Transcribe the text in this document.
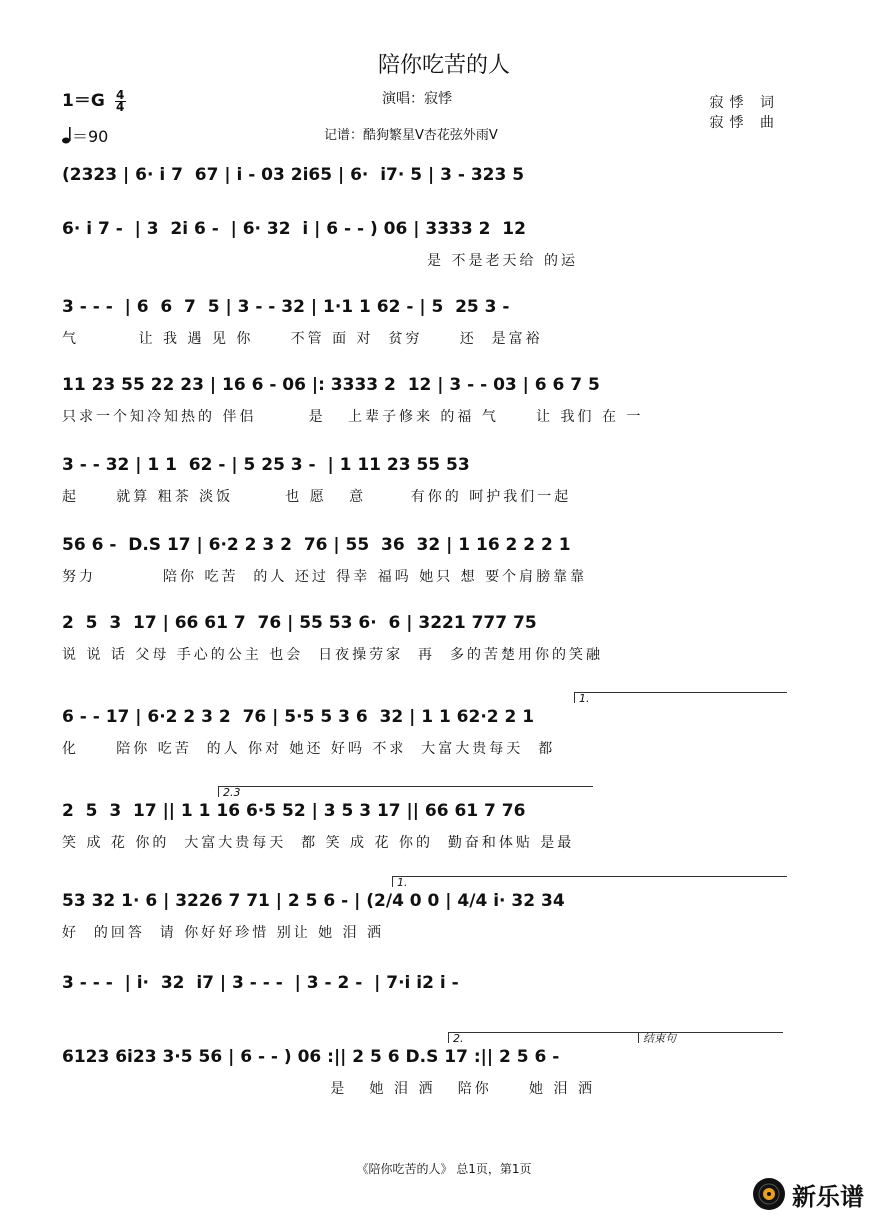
陪你吃苦的人
$1=G \frac{4}{4}$	演唱：寂悸	寂悸 词
寂悸 曲
＝90	记谱：酷狗繁星V杏花弦外雨V
(2323 | 6· i 7  67 | i - 03 2i65 | 6·  i7· 5 | 3 - 323 5
6· i 7 -  | 3  2i 6 -  | 6· 32  i | 6 - - ) 06 | 3333 2  12
是 不是老天给 的运
3 - - -  | 6  6  7  5 | 3 - - 32 | 1·1 1 62 - | 5  25 3 -
气        让 我 遇 见 你     不管 面 对  贫穷     还  是富裕
11 23 55 22 23 | 16 6 - 06 |: 3333 2  12 | 3 - - 03 | 6 6 7 5
只求一个知冷知热的 伴侣       是   上辈子修来 的福 气     让 我们 在 一
3 - - 32 | 1 1  62 - | 5 25 3 -  | 1 11 23 55 53
起     就算 粗茶 淡饭       也 愿   意      有你的 呵护我们一起
56 6 -  D.S 17 | 6·2 2 3 2  76 | 55  36  32 | 1 16 2 2 2 1
努力         陪你 吃苦  的人 还过 得幸 福吗 她只 想 要个肩膀靠靠
2  5  3  17 | 66 61 7  76 | 55 53 6·  6 | 3221 777 75
说 说 话 父母 手心的公主 也会  日夜操劳家  再  多的苦楚用你的笑融
1.
6 - - 17 | 6·2 2 3 2  76 | 5·5 5 3 6  32 | 1 1 62·2 2 1
化     陪你 吃苦  的人 你对 她还 好吗 不求  大富大贵每天  都
2.3
2  5  3  17 || 1 1 16 6·5 52 | 3 5 3 17 || 66 61 7 76
笑 成 花 你的  大富大贵每天  都 笑 成 花 你的  勤奋和体贴 是最
1.
53 32 1· 6 | 3226 7 71 | 2 5 6 - | (2/4 0 0 | 4/4 i· 32 34
好  的回答  请 你好好珍惜 别让 她 泪 洒
3 - - -  | i·  32  i7 | 3 - - -  | 3 - 2 -  | 7·i i2 i -
2.	结束句
6123 6i23 3·5 56 | 6 - - ) 06 :|| 2 5 6 D.S 17 :|| 2 5 6 -
是   她 泪 洒   陪你     她 泪 洒
《陪你吃苦的人》 总1页，第1页
新乐谱
